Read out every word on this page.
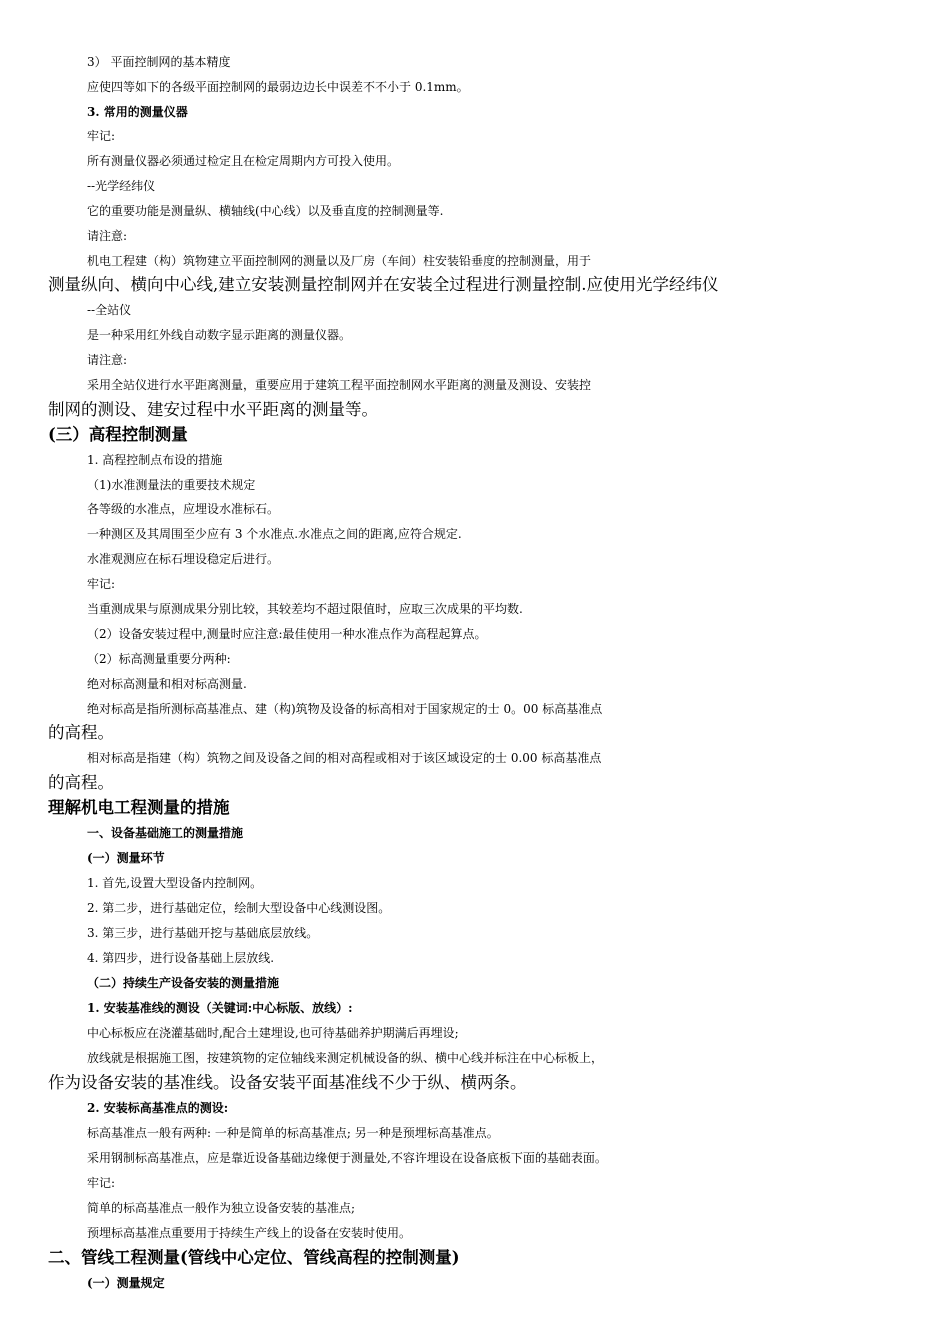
3） 平面控制网的基本精度
应使四等如下的各级平面控制网的最弱边边长中误差不不小于 0.1mm。
3. 常用的测量仪器
牢记:
所有测量仪器必须通过检定且在检定周期内方可投入使用。
--光学经纬仪
它的重要功能是测量纵、横轴线(中心线）以及垂直度的控制测量等.
请注意:
机电工程建（构）筑物建立平面控制网的测量以及厂房（车间）柱安装铅垂度的控制测量，用于
测量纵向、横向中心线,建立安装测量控制网并在安装全过程进行测量控制.应使用光学经纬仪
--全站仪
是一种采用红外线自动数字显示距离的测量仪器。
请注意:
采用全站仪进行水平距离测量，重要应用于建筑工程平面控制网水平距离的测量及测设、安装控
制网的测设、建安过程中水平距离的测量等。
(三）高程控制测量
1. 高程控制点布设的措施
（1)水准测量法的重要技术规定
各等级的水准点，应埋设水准标石。
一种测区及其周围至少应有 3 个水准点.水准点之间的距离,应符合规定.
水准观测应在标石埋设稳定后进行。
牢记:
当重测成果与原测成果分别比较，其较差均不超过限值时，应取三次成果的平均数.
（2）设备安装过程中,测量时应注意:最佳使用一种水准点作为高程起算点。
（2）标高测量重要分两种:
绝对标高测量和相对标高测量.
绝对标高是指所测标高基准点、建（构)筑物及设备的标高相对于国家规定的士 0。00 标高基准点
的高程。
相对标高是指建（构）筑物之间及设备之间的相对高程或相对于该区域设定的士 0.00 标高基准点
的高程。
理解机电工程测量的措施
一、设备基础施工的测量措施
(一）测量环节
1. 首先,设置大型设备内控制网。
2. 第二步，进行基础定位，绘制大型设备中心线测设图。
3. 第三步，进行基础开挖与基础底层放线。
4. 第四步，进行设备基础上层放线.
（二）持续生产设备安装的测量措施
1. 安装基准线的测设（关键词:中心标版、放线）:
中心标板应在浇灌基础时,配合土建埋设,也可待基础养护期满后再埋设;
放线就是根据施工图，按建筑物的定位轴线来测定机械设备的纵、横中心线并标注在中心标板上，
作为设备安装的基准线。设备安装平面基准线不少于纵、横两条。
2. 安装标高基准点的测设:
标高基准点一般有两种: 一种是简单的标高基准点; 另一种是预埋标高基准点。
采用钢制标高基准点，应是靠近设备基础边缘便于测量处,不容许埋设在设备底板下面的基础表面。
牢记:
简单的标高基准点一般作为独立设备安装的基准点;
预埋标高基准点重要用于持续生产线上的设备在安装时使用。
二、管线工程测量(管线中心定位、管线高程的控制测量)
(一）测量规定
